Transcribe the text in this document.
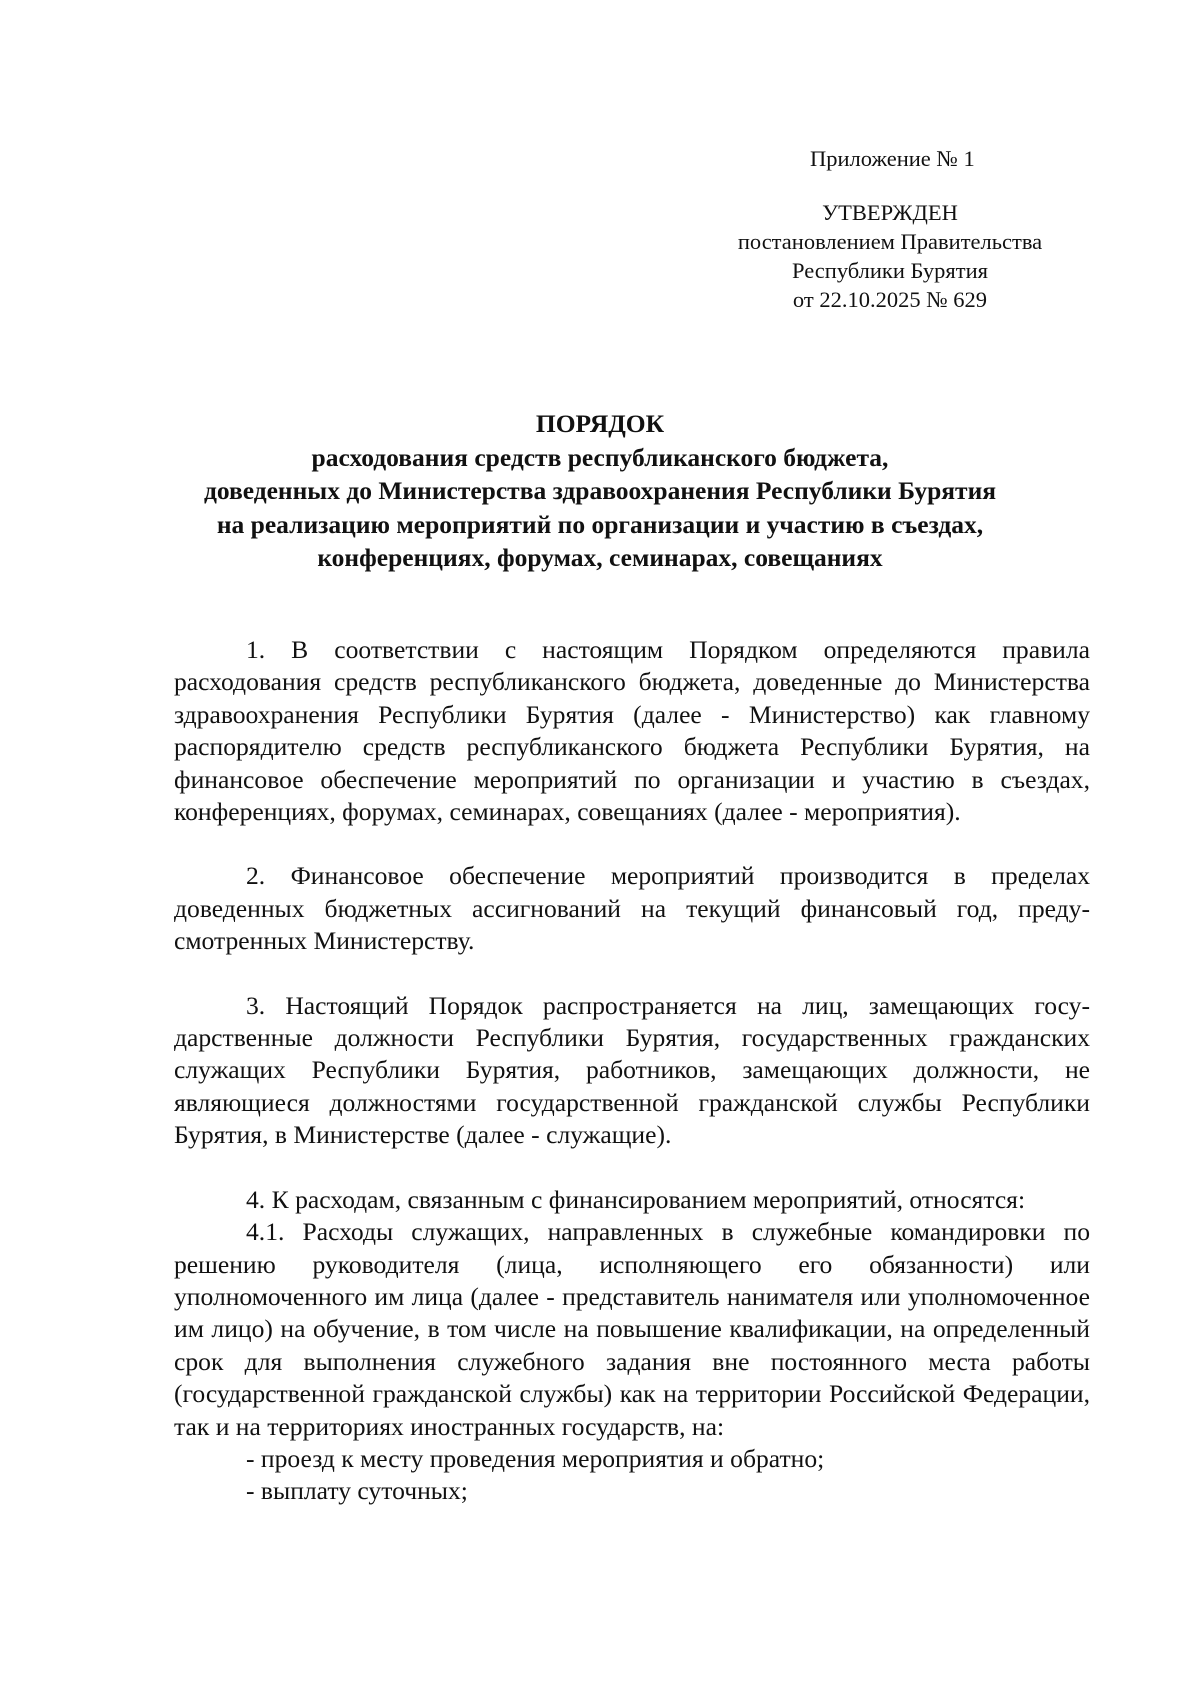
Приложение № 1
УТВЕРЖДЕН
постановлением Правительства
Республики Бурятия
от 22.10.2025 № 629
ПОРЯДОК
расходования средств республиканского бюджета,
доведенных до Министерства здравоохранения Республики Бурятия
на реализацию мероприятий по организации и участию в съездах,
конференциях, форумах, семинарах, совещаниях

1. В соответствии с настоящим Порядком определяются правила расходования средств республиканского бюджета, доведенные до Министерства здравоохранения Республики Бурятия (далее - Министерство) как главному распорядителю средств республиканского бюджета Республики Бурятия, на финансовое обеспечение мероприятий по организации и участию в съездах, конференциях, форумах, семинарах, совещаниях (далее - мероприятия).

2. Финансовое обеспечение мероприятий производится в пределах доведенных бюджетных ассигнований на текущий финансовый год, предусмотренных Министерству.

3. Настоящий Порядок распространяется на лиц, замещающих государственные должности Республики Бурятия, государственных гражданских служащих Республики Бурятия, работников, замещающих должности, не являющиеся должностями государственной гражданской службы Республики Бурятия, в Министерстве (далее - служащие).

4. К расходам, связанным с финансированием мероприятий, относятся:

4.1. Расходы служащих, направленных в служебные командировки по решению руководителя (лица, исполняющего его обязанности) или уполномоченного им лица (далее - представитель нанимателя или уполномоченное им лицо) на обучение, в том числе на повышение квалификации, на определенный срок для выполнения служебного задания вне постоянного места работы (государственной гражданской службы) как на территории Российской Федерации, так и на территориях иностранных государств, на:

- проезд к месту проведения мероприятия и обратно;

- выплату суточных;
